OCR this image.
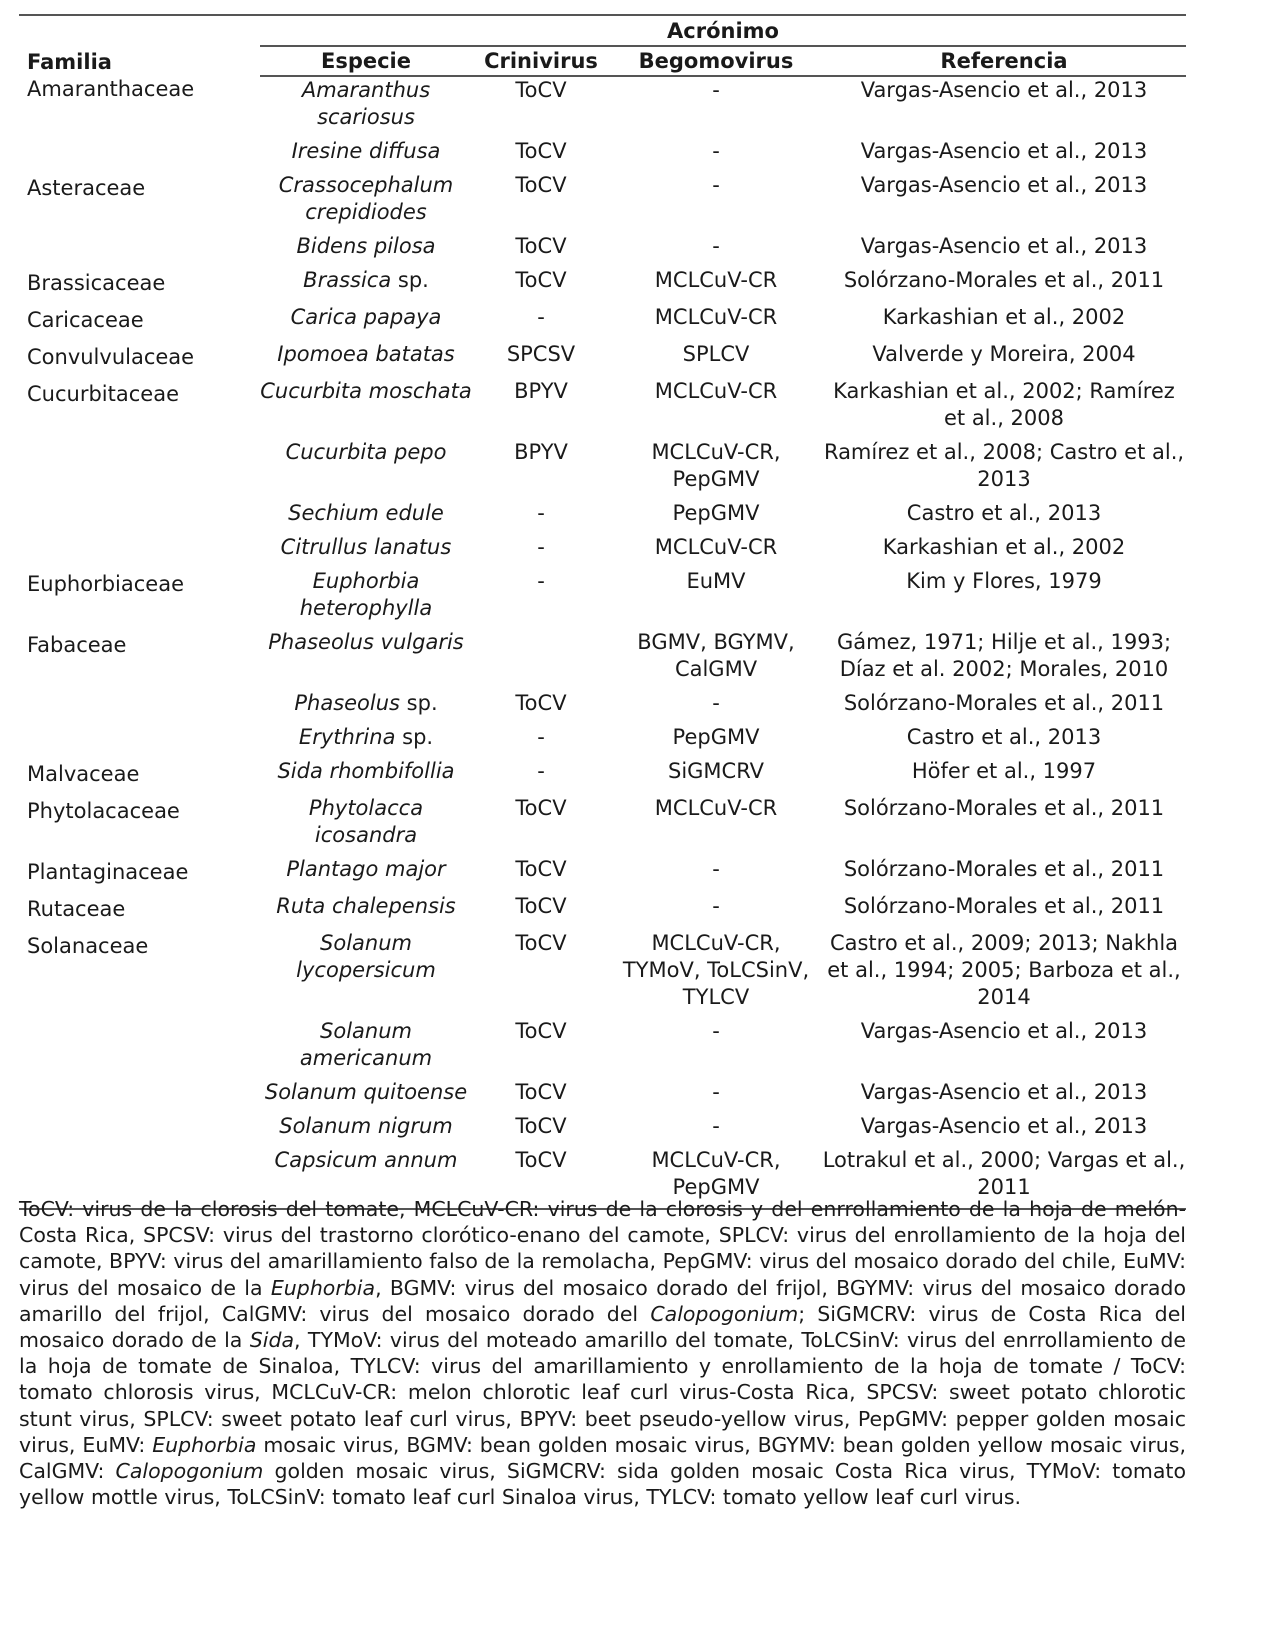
Familia	Acrónimo			
	Especie	Crinivirus	Begomovirus	Referencia
Amaranthaceae	Amaranthus scariosus	ToCV	-	Vargas-Asencio et al., 2013
	Iresine diffusa	ToCV	-	Vargas-Asencio et al., 2013
Asteraceae	Crassocephalum crepidiodes	ToCV	-	Vargas-Asencio et al., 2013
	Bidens pilosa	ToCV	-	Vargas-Asencio et al., 2013
Brassicaceae	Brassica sp.	ToCV	MCLCuV-CR	Solórzano-Morales et al., 2011
Caricaceae	Carica papaya	-	MCLCuV-CR	Karkashian et al., 2002
Convulvulaceae	Ipomoea batatas	SPCSV	SPLCV	Valverde y Moreira, 2004
Cucurbitaceae	Cucurbita moschata	BPYV	MCLCuV-CR	Karkashian et al., 2002; Ramírez et al., 2008
	Cucurbita pepo	BPYV	MCLCuV-CR, PepGMV	Ramírez et al., 2008; Castro et al., 2013
	Sechium edule	-	PepGMV	Castro et al., 2013
	Citrullus lanatus	-	MCLCuV-CR	Karkashian et al., 2002
Euphorbiaceae	Euphorbia heterophylla	-	EuMV	Kim y Flores, 1979
Fabaceae	Phaseolus vulgaris		BGMV, BGYMV, CalGMV	Gámez, 1971; Hilje et al., 1993; Díaz et al. 2002; Morales, 2010
	Phaseolus sp.	ToCV	-	Solórzano-Morales et al., 2011
	Erythrina sp.	-	PepGMV	Castro et al., 2013
Malvaceae	Sida rhombifollia	-	SiGMCRV	Höfer et al., 1997
Phytolacaceae	Phytolacca icosandra	ToCV	MCLCuV-CR	Solórzano-Morales et al., 2011
Plantaginaceae	Plantago major	ToCV	-	Solórzano-Morales et al., 2011
Rutaceae	Ruta chalepensis	ToCV	-	Solórzano-Morales et al., 2011
Solanaceae	Solanum lycopersicum	ToCV	MCLCuV-CR, TYMoV, ToLCSinV, TYLCV	Castro et al., 2009; 2013; Nakhla et al., 1994; 2005; Barboza et al., 2014
	Solanum americanum	ToCV	-	Vargas-Asencio et al., 2013
	Solanum quitoense	ToCV	-	Vargas-Asencio et al., 2013
	Solanum nigrum	ToCV	-	Vargas-Asencio et al., 2013
	Capsicum annum	ToCV	MCLCuV-CR, PepGMV	Lotrakul et al., 2000; Vargas et al., 2011

ToCV: virus de la clorosis del tomate, MCLCuV-CR: virus de la clorosis y del enrrollamiento de la hoja de melón-Costa Rica, SPCSV: virus del trastorno clorótico-enano del camote, SPLCV: virus del enrollamiento de la hoja del camote, BPYV: virus del amarillamiento falso de la remolacha, PepGMV: virus del mosaico dorado del chile, EuMV: virus del mosaico de la Euphorbia, BGMV: virus del mosaico dorado del frijol, BGYMV: virus del mosaico dorado amarillo del frijol, CalGMV: virus del mosaico dorado del Calopogonium; SiGMCRV: virus de Costa Rica del mosaico dorado de la Sida, TYMoV: virus del moteado amarillo del tomate, ToLCSinV: virus del enrrollamiento de la hoja de tomate de Sinaloa, TYLCV: virus del amarillamiento y enrollamiento de la hoja de tomate / ToCV: tomato chlorosis virus, MCLCuV-CR: melon chlorotic leaf curl virus-Costa Rica, SPCSV: sweet potato chlorotic stunt virus, SPLCV: sweet potato leaf curl virus, BPYV: beet pseudo-yellow virus, PepGMV: pepper golden mosaic virus, EuMV: Euphorbia mosaic virus, BGMV: bean golden mosaic virus, BGYMV: bean golden yellow mosaic virus, CalGMV: Calopogonium golden mosaic virus, SiGMCRV: sida golden mosaic Costa Rica virus, TYMoV: tomato yellow mottle virus, ToLCSinV: tomato leaf curl Sinaloa virus, TYLCV: tomato yellow leaf curl virus.
